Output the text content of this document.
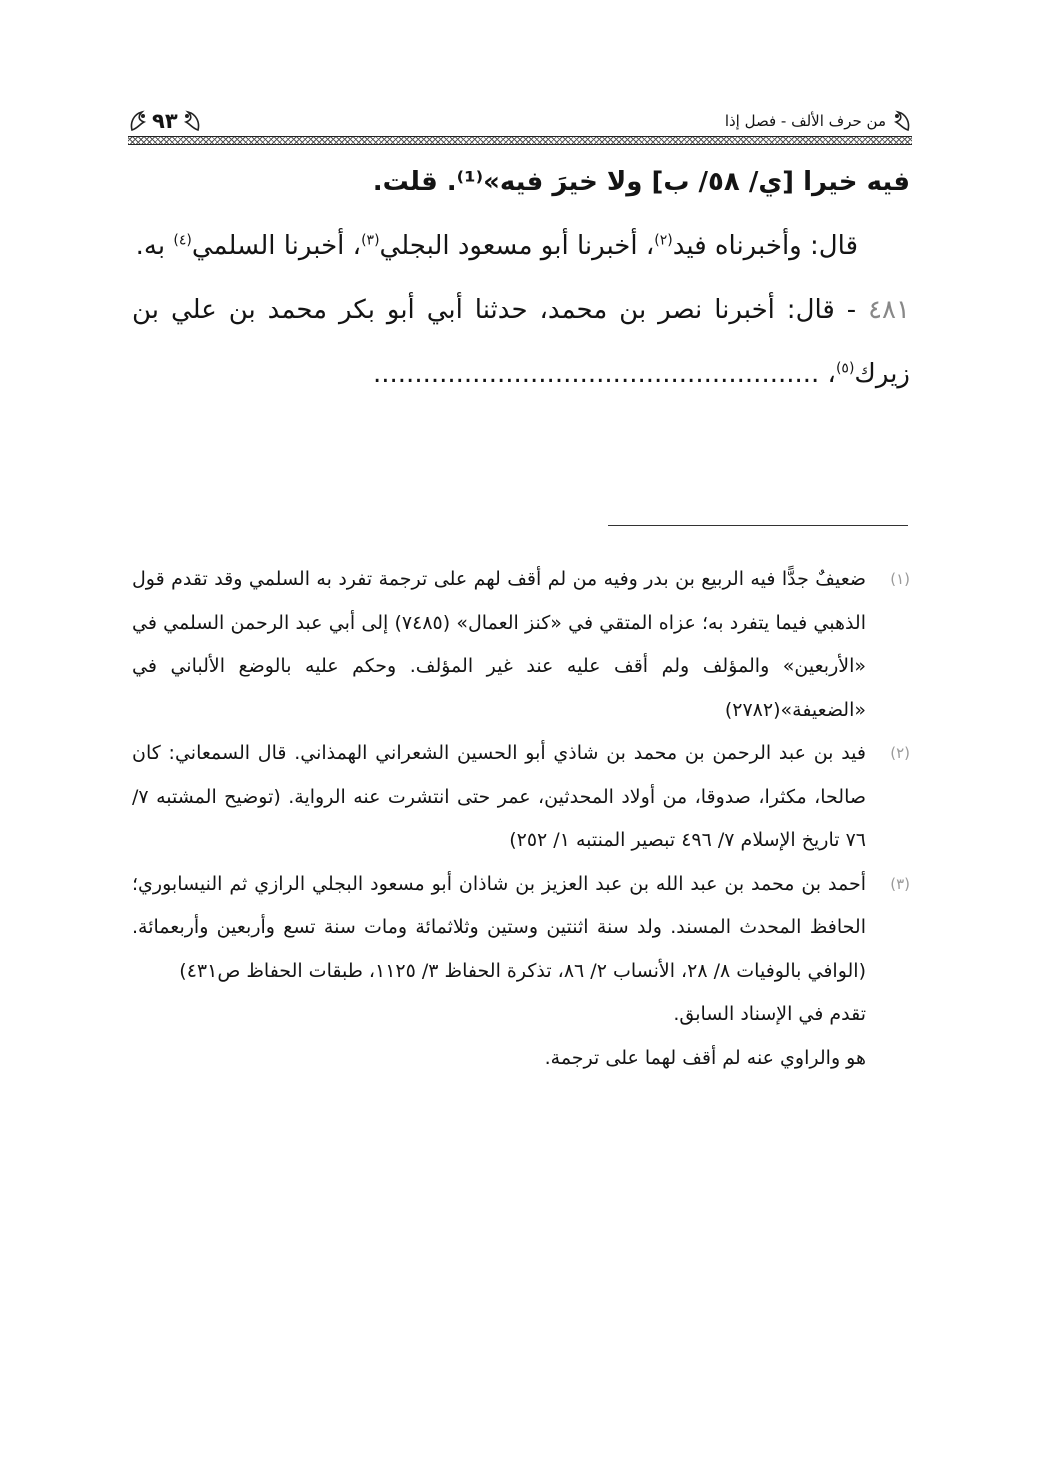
٩٣	من حرف الألف - فصل إذا

فيه خيرا [ي/ ٥٨/ ب] ولا خيرَ فيه»⁽¹⁾. قلت.

قال: وأخبرناه فيد$^{(٢)}$، أخبرنا أبو مسعود البجلي$^{(٣)}$، أخبرنا السلمي$^{(٤)}$ به.

٤٨١ - قال: أخبرنا نصر بن محمد، حدثنا أبي أبو بكر محمد بن علي بن زيرك$^{(٥)}$، ......................................................

(١)

ضعيفٌ جدًّا فيه الربيع بن بدر وفيه من لم أقف لهم على ترجمة تفرد به السلمي وقد تقدم قول الذهبي فيما يتفرد به؛ عزاه المتقي في «كنز العمال» (٧٤٨٥) إلى أبي عبد الرحمن السلمي في «الأربعين» والمؤلف ولم أقف عليه عند غير المؤلف. وحكم عليه بالوضع الألباني في «الضعيفة»(٢٧٨٢)

(٢)

فيد بن عبد الرحمن بن محمد بن شاذي أبو الحسين الشعراني الهمذاني. قال السمعاني: كان صالحا، مكثرا، صدوقا، من أولاد المحدثين، عمر حتى انتشرت عنه الرواية. (توضيح المشتبه ٧/ ٧٦ تاريخ الإسلام ٧/ ٤٩٦ تبصير المنتبه ١/ ٢٥٢)

(٣)

أحمد بن محمد بن عبد الله بن عبد العزيز بن شاذان أبو مسعود البجلي الرازي ثم النيسابوري؛ الحافظ المحدث المسند. ولد سنة اثنتين وستين وثلاثمائة ومات سنة تسع وأربعين وأربعمائة. (الوافي بالوفيات ٨/ ٢٨، الأنساب ٢/ ٨٦، تذكرة الحفاظ ٣/ ١١٢٥، طبقات الحفاظ ص٤٣١)

تقدم في الإسناد السابق.

هو والراوي عنه لم أقف لهما على ترجمة.
